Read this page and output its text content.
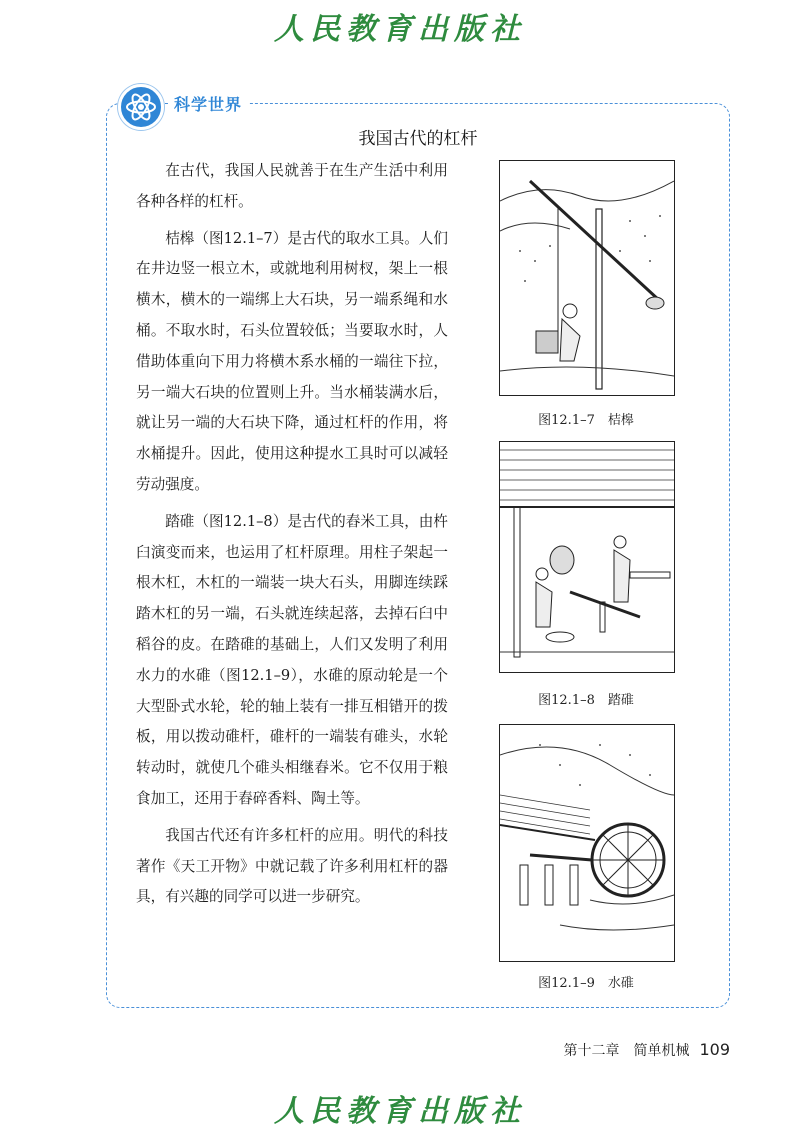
人民教育出版社
科学世界
我国古代的杠杆

在古代，我国人民就善于在生产生活中利用各种各样的杠杆。

桔槔（图12.1–7）是古代的取水工具。人们在井边竖一根立木，或就地利用树杈，架上一根横木，横木的一端绑上大石块，另一端系绳和水桶。不取水时，石头位置较低；当要取水时，人借助体重向下用力将横木系水桶的一端往下拉，另一端大石块的位置则上升。当水桶装满水后，就让另一端的大石块下降，通过杠杆的作用，将水桶提升。因此，使用这种提水工具时可以减轻劳动强度。

踏碓（图12.1–8）是古代的舂米工具，由杵臼演变而来，也运用了杠杆原理。用柱子架起一根木杠，木杠的一端装一块大石头，用脚连续踩踏木杠的另一端，石头就连续起落，去掉石臼中稻谷的皮。在踏碓的基础上，人们又发明了利用水力的水碓（图12.1–9），水碓的原动轮是一个大型卧式水轮，轮的轴上装有一排互相错开的拨板，用以拨动碓杆，碓杆的一端装有碓头，水轮转动时，就使几个碓头相继舂米。它不仅用于粮食加工，还用于舂碎香料、陶土等。

我国古代还有许多杠杆的应用。明代的科技著作《天工开物》中就记载了许多利用杠杆的器具，有兴趣的同学可以进一步研究。

图12.1–7　桔槔
图12.1–8　踏碓
图12.1–9　水碓
第十二章　简单机械 109
人民教育出版社
